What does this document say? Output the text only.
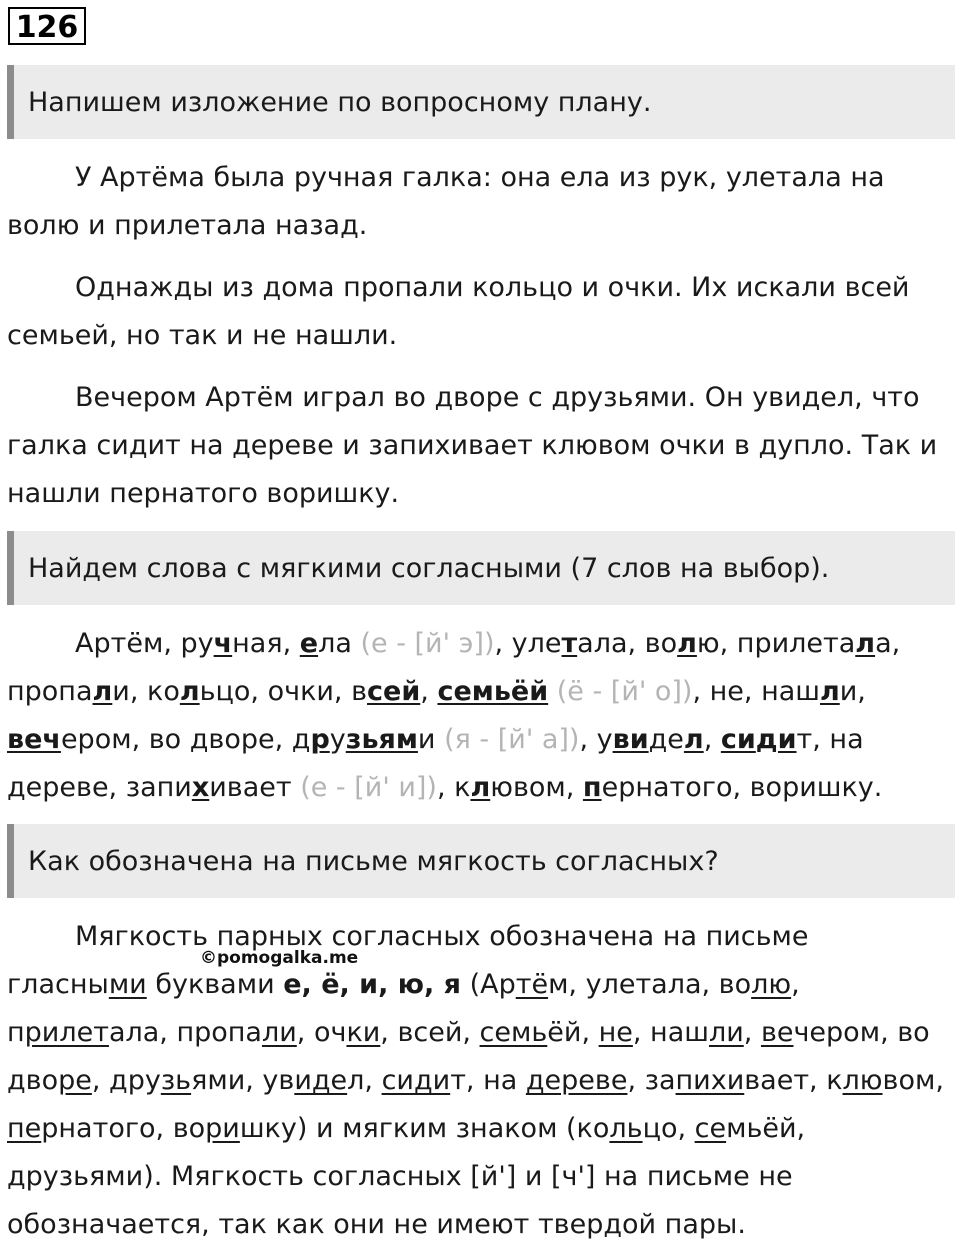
126
Напишем изложение по вопросному плану.
У Артёма была ручная галка: она ела из рук, улетала на волю и прилетала назад.
Однажды из дома пропали кольцо и очки. Их искали всей семьей, но так и не нашли.
Вечером Артём играл во дворе с друзьями. Он увидел, что галка сидит на дереве и запихивает клювом очки в дупло. Так и нашли пернатого воришку.
Найдем слова с мягкими согласными (7 слов на выбор).
Артём, ручная, ела (е - [й' э]), улетала, волю, прилетала, пропали, кольцо, очки, всей, семьёй (ё - [й' о]), не, нашли, вечером, во дворе, друзьями (я - [й' а]), увидел, сидит, на дереве, запихивает (е - [й' и]), клювом, пернатого, воришку.
Как обозначена на письме мягкость согласных?
Мягкость парных согласных обозначена на письме гласными буквами е, ё, и, ю, я (Артём, улетала, волю, прилетала, пропали, очки, всей, семьёй, не, нашли, вечером, во дворе, друзьями, увидел, сидит, на дереве, запихивает, клювом, пернатого, воришку) и мягким знаком (кольцо, семьёй, друзьями). Мягкость согласных [й'] и [ч'] на письме не обозначается, так как они не имеют твердой пары.
©pomogalka.me
